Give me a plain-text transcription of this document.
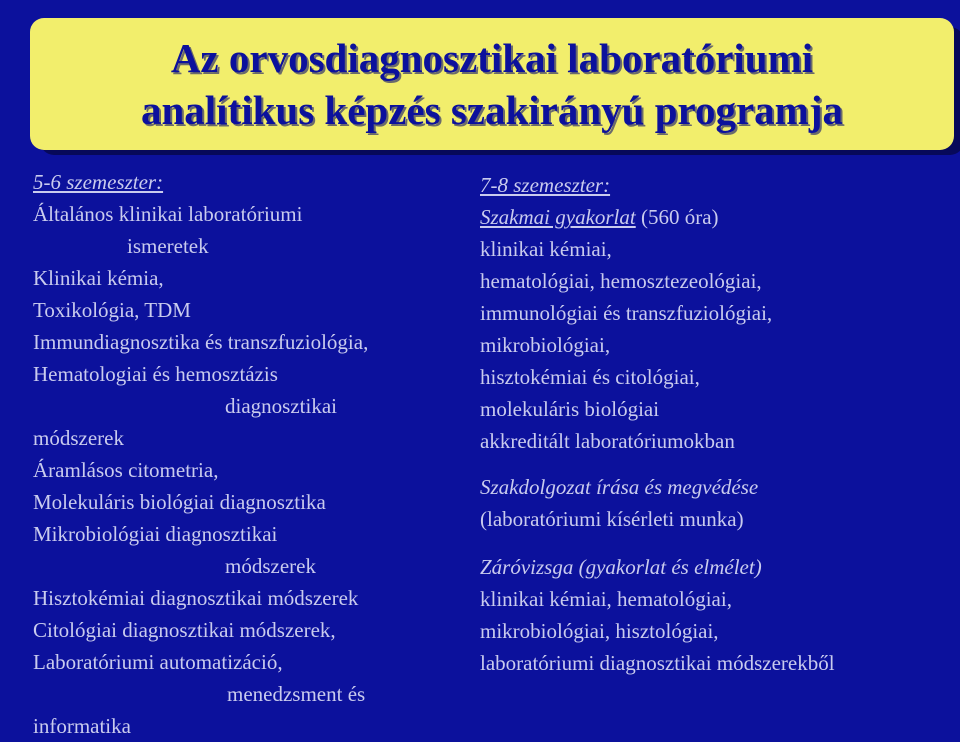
Az orvosdiagnosztikai laboratóriumi
analítikus képzés szakirányú programja
5-6 szemeszter:
Általános klinikai laboratóriumi
ismeretek
Klinikai kémia,
Toxikológia, TDM
Immundiagnosztika és transzfuziológia,
Hematologiai és hemosztázis
diagnosztikai
módszerek
Áramlásos citometria,
Molekuláris biológiai diagnosztika
Mikrobiológiai diagnosztikai
módszerek
Hisztokémiai diagnosztikai módszerek
Citológiai diagnosztikai módszerek,
Laboratóriumi automatizáció,
menedzsment és
informatika
7-8 szemeszter:
Szakmai gyakorlat (560 óra)
klinikai kémiai,
hematológiai, hemosztezeológiai,
immunológiai és transzfuziológiai,
mikrobiológiai,
hisztokémiai és citológiai,
molekuláris biológiai
akkreditált laboratóriumokban
Szakdolgozat írása és megvédése
(laboratóriumi kísérleti munka)
Záróvizsga (gyakorlat és elmélet)
klinikai kémiai, hematológiai,
mikrobiológiai, hisztológiai,
laboratóriumi diagnosztikai módszerekből
